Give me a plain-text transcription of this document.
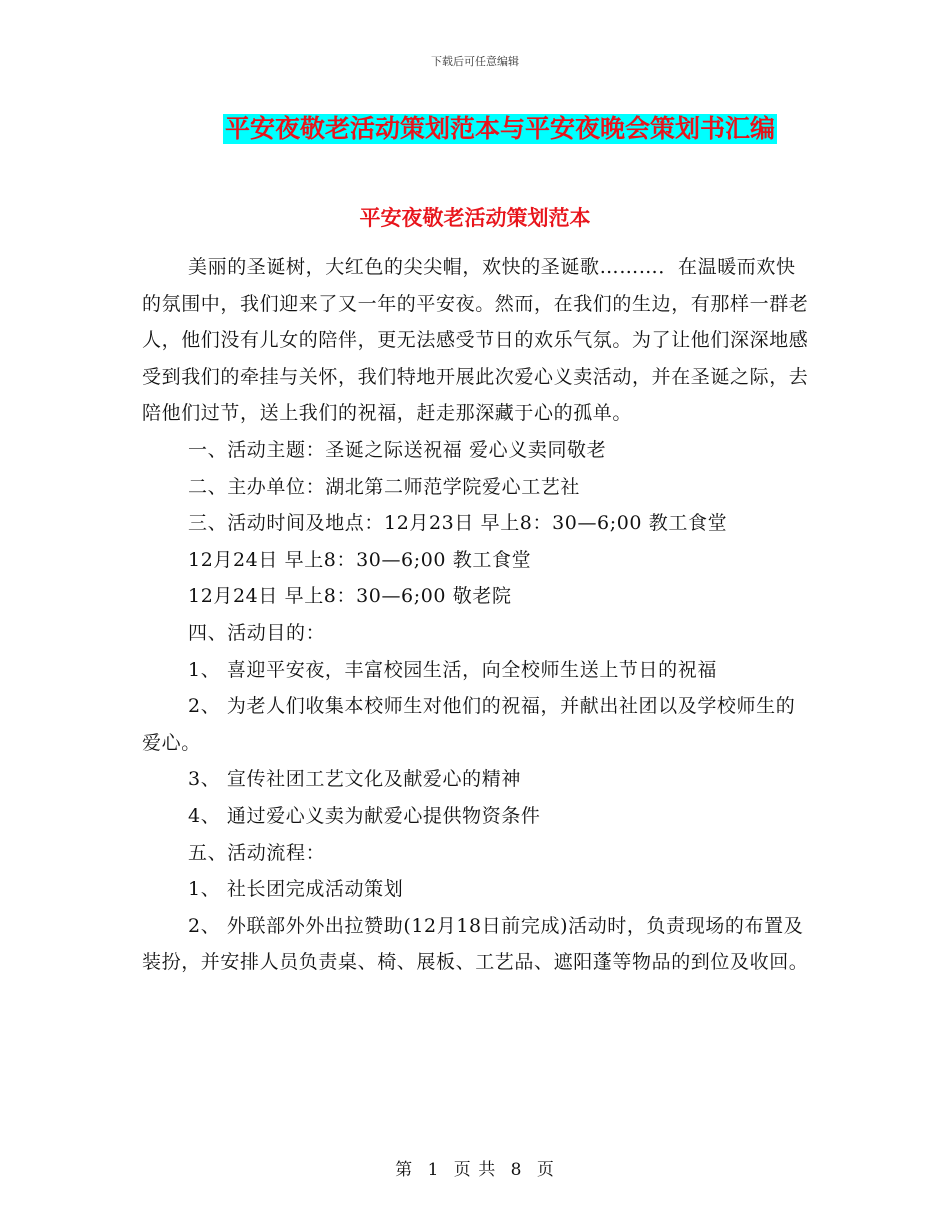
下载后可任意编辑
平安夜敬老活动策划范本与平安夜晚会策划书汇编
平安夜敬老活动策划范本

美丽的圣诞树，大红色的尖尖帽，欢快的圣诞歌………．在温暖而欢快的氛围中，我们迎来了又一年的平安夜。然而，在我们的生边，有那样一群老人，他们没有儿女的陪伴，更无法感受节日的欢乐气氛。为了让他们深深地感受到我们的牵挂与关怀，我们特地开展此次爱心义卖活动，并在圣诞之际，去陪他们过节，送上我们的祝福，赶走那深藏于心的孤单。

一、活动主题：圣诞之际送祝福 爱心义卖同敬老

二、主办单位：湖北第二师范学院爱心工艺社

三、活动时间及地点：12月23日 早上8：30—6;00 教工食堂

12月24日 早上8：30—6;00 教工食堂

12月24日 早上8：30—6;00 敬老院

四、活动目的：

1、 喜迎平安夜，丰富校园生活，向全校师生送上节日的祝福

2、 为老人们收集本校师生对他们的祝福，并献出社团以及学校师生的爱心。

3、 宣传社团工艺文化及献爱心的精神

4、 通过爱心义卖为献爱心提供物资条件

五、活动流程：

1、 社长团完成活动策划

2、 外联部外外出拉赞助(12月18日前完成)活动时，负责现场的布置及装扮，并安排人员负责桌、椅、展板、工艺品、遮阳蓬等物品的到位及收回。

第 1 页 共 8 页
